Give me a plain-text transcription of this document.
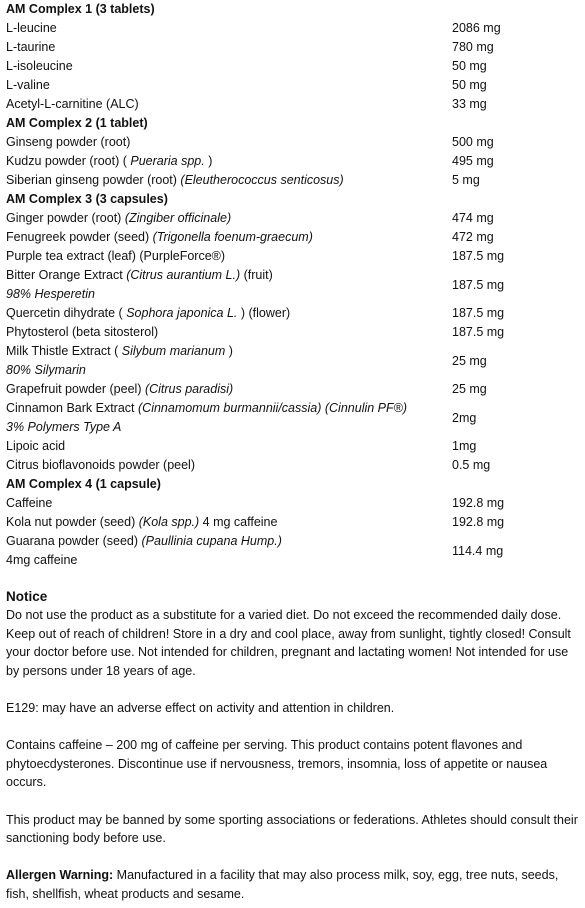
AM Complex 1 (3 tablets)	
L-leucine	2086 mg
L-taurine	780 mg
L-isoleucine	50 mg
L-valine	50 mg
Acetyl-L-carnitine (ALC)	33 mg
AM Complex 2 (1 tablet)	
Ginseng powder (root)	500 mg
Kudzu powder (root) ( Pueraria spp. )	495 mg
Siberian ginseng powder (root) (Eleutherococcus senticosus)	5 mg
AM Complex 3 (3 capsules)	
Ginger powder (root) (Zingiber officinale)	474 mg
Fenugreek powder (seed) (Trigonella foenum-graecum)	472 mg
Purple tea extract (leaf) (PurpleForce®)	187.5 mg
Bitter Orange Extract (Citrus aurantium L.) (fruit)
98% Hesperetin	187.5 mg
Quercetin dihydrate ( Sophora japonica L. ) (flower)	187.5 mg
Phytosterol (beta sitosterol)	187.5 mg
Milk Thistle Extract ( Silybum marianum )
80% Silymarin	25 mg
Grapefruit powder (peel) (Citrus paradisi)	25 mg
Cinnamon Bark Extract (Cinnamomum burmannii/cassia) (Cinnulin PF®)
3% Polymers Type A	2mg
Lipoic acid	1mg
Citrus bioflavonoids powder (peel)	0.5 mg
AM Complex 4 (1 capsule)	
Caffeine	192.8 mg
Kola nut powder (seed) (Kola spp.) 4 mg caffeine	192.8 mg
Guarana powder (seed) (Paullinia cupana Hump.)
4mg caffeine	114.4 mg
Notice

Do not use the product as a substitute for a varied diet. Do not exceed the recommended daily dose. Keep out of reach of children! Store in a dry and cool place, away from sunlight, tightly closed! Consult your doctor before use. Not intended for children, pregnant and lactating women! Not intended for use by persons under 18 years of age.

E129: may have an adverse effect on activity and attention in children.

Contains caffeine – 200 mg of caffeine per serving. This product contains potent flavones and phytoecdysterones. Discontinue use if nervousness, tremors, insomnia, loss of appetite or nausea occurs.

This product may be banned by some sporting associations or federations. Athletes should consult their sanctioning body before use.

Allergen Warning: Manufactured in a facility that may also process milk, soy, egg, tree nuts, seeds, fish, shellfish, wheat products and sesame.
